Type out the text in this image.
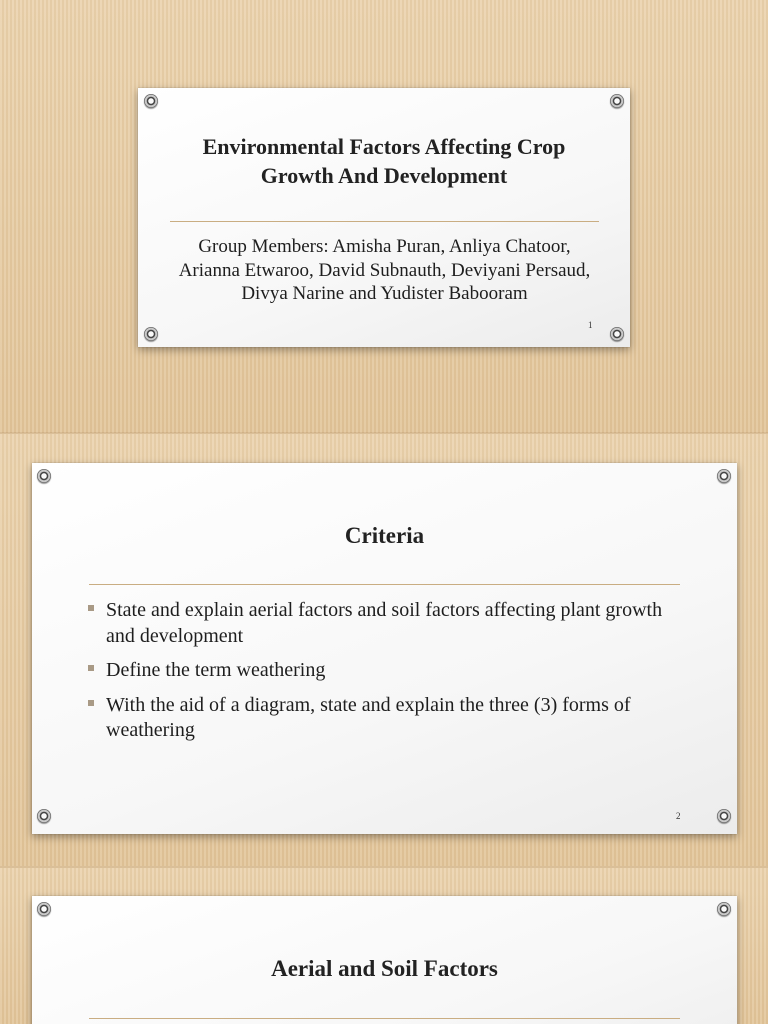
Environmental Factors Affecting Crop Growth And Development
Group Members: Amisha Puran, Anliya Chatoor, Arianna Etwaroo, David Subnauth, Deviyani Persaud, Divya Narine and Yudister Babooram
1
Criteria
State and explain aerial factors and soil factors affecting plant growth and development
Define the term weathering
With the aid of a diagram, state and explain the three (3) forms of weathering
2
Aerial and Soil Factors
